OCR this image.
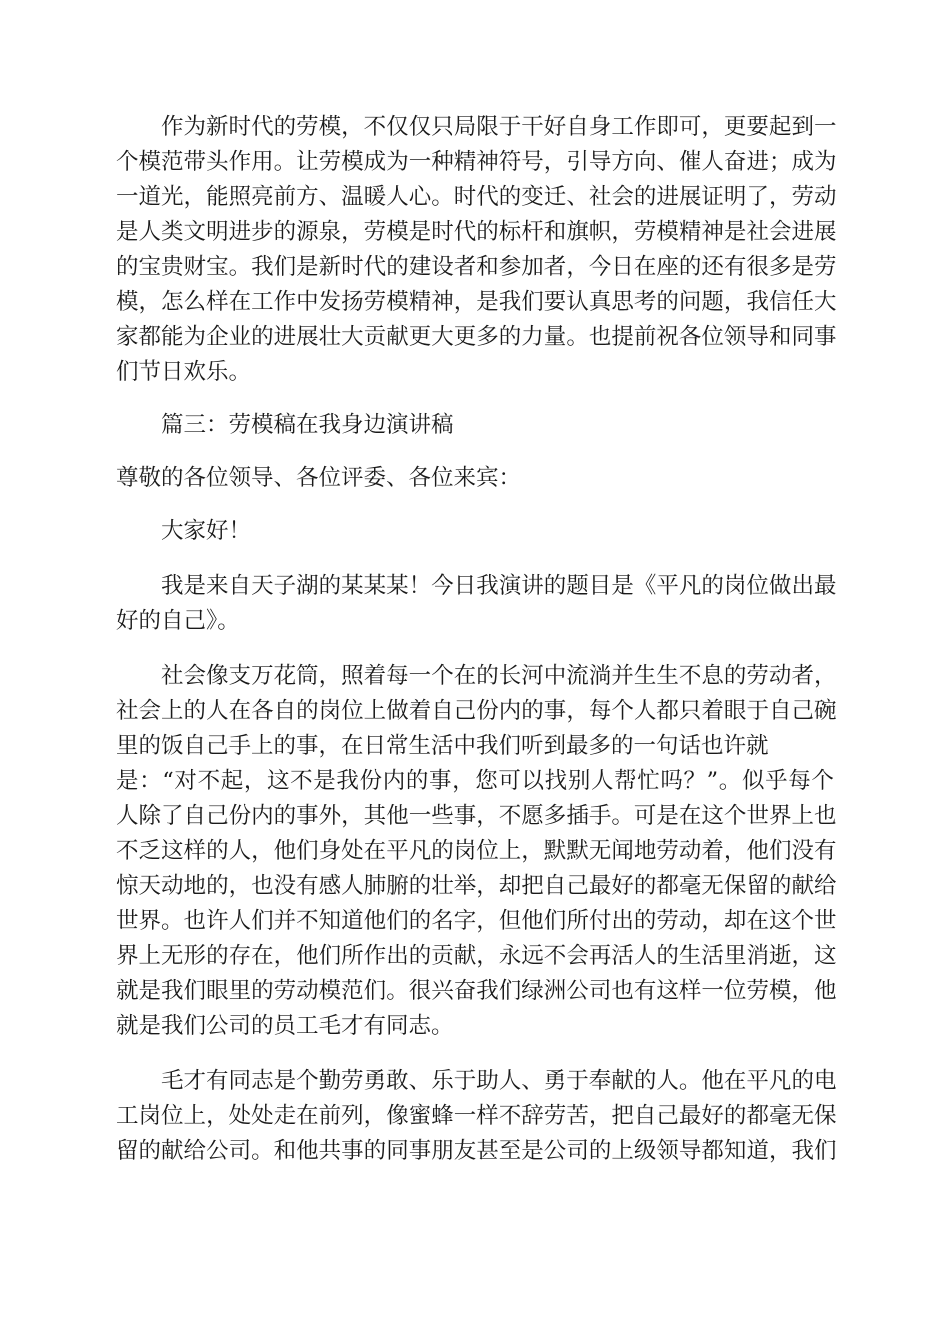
作 为 新 时 代 的 劳 模 ， 不 仅 仅 只 局 限 于 干 好 自 身 工 作 即 可 ， 更 要 起 到 一
个 模 范 带 头 作 用 。 让 劳 模 成 为 一 种 精 神 符 号 ， 引 导 方 向 、 催 人 奋 进 ； 成 为
一 道 光 ， 能 照 亮 前 方 、 温 暖 人 心 。 时 代 的 变 迁 、 社 会 的 进 展 证 明 了 ， 劳 动
是 人 类 文 明 进 步 的 源 泉 ， 劳 模 是 时 代 的 标 杆 和 旗 帜 ， 劳 模 精 神 是 社 会 进 展
的 宝 贵 财 宝 。 我 们 是 新 时 代 的 建 设 者 和 参 加 者 ， 今 日 在 座 的 还 有 很 多 是 劳
模 ， 怎 么 样 在 工 作 中 发 扬 劳 模 精 神 ， 是 我 们 要 认 真 思 考 的 问 题 ， 我 信 任 大
家 都 能 为 企 业 的 进 展 壮 大 贡 献 更 大 更 多 的 力 量 。 也 提 前 祝 各 位 领 导 和 同 事
们节日欢乐。

篇三：劳模稿在我身边演讲稿

尊敬的各位领导、各位评委、各位来宾：

大家好！

我 是 来 自 天 子 湖 的 某 某 某 ！ 今 日 我 演 讲 的 题 目 是 《 平 凡 的 岗 位 做 出 最
好的自己》。
社 会 像 支 万 花 筒 ， 照 着 每 一 个 在 的 长 河 中 流 淌 并 生 生 不 息 的 劳 动 者 ，
社 会 上 的 人 在 各 自 的 岗 位 上 做 着 自 己 份 内 的 事 ， 每 个 人 都 只 着 眼 于 自 己 碗
里的饭自己手上的事，在日常生活中我们听到最多的一句话也许就
是 ： “ 对 不 起 ， 这 不 是 我 份 内 的 事 ， 您 可 以 找 别 人 帮 忙 吗 ？ ” 。 似 乎 每 个
人 除 了 自 己 份 内 的 事 外 ， 其 他 一 些 事 ， 不 愿 多 插 手 。 可 是 在 这 个 世 界 上 也
不 乏 这 样 的 人 ， 他 们 身 处 在 平 凡 的 岗 位 上 ， 默 默 无 闻 地 劳 动 着 ， 他 们 没 有
惊 天 动 地 的 ， 也 没 有 感 人 肺 腑 的 壮 举 ， 却 把 自 己 最 好 的 都 毫 无 保 留 的 献 给
世 界 。 也 许 人 们 并 不 知 道 他 们 的 名 字 ， 但 他 们 所 付 出 的 劳 动 ， 却 在 这 个 世
界 上 无 形 的 存 在 ， 他 们 所 作 出 的 贡 献 ， 永 远 不 会 再 活 人 的 生 活 里 消 逝 ， 这
就 是 我 们 眼 里 的 劳 动 模 范 们 。 很 兴 奋 我 们 绿 洲 公 司 也 有 这 样 一 位 劳 模 ， 他
就是我们公司的员工毛才有同志。
毛 才 有 同 志 是 个 勤 劳 勇 敢 、 乐 于 助 人 、 勇 于 奉 献 的 人 。 他 在 平 凡 的 电
工 岗 位 上 ， 处 处 走 在 前 列 ， 像 蜜 蜂 一 样 不 辞 劳 苦 ， 把 自 己 最 好 的 都 毫 无 保
留 的 献 给 公 司 。 和 他 共 事 的 同 事 朋 友 甚 至 是 公 司 的 上 级 领 导 都 知 道 ， 我 们
